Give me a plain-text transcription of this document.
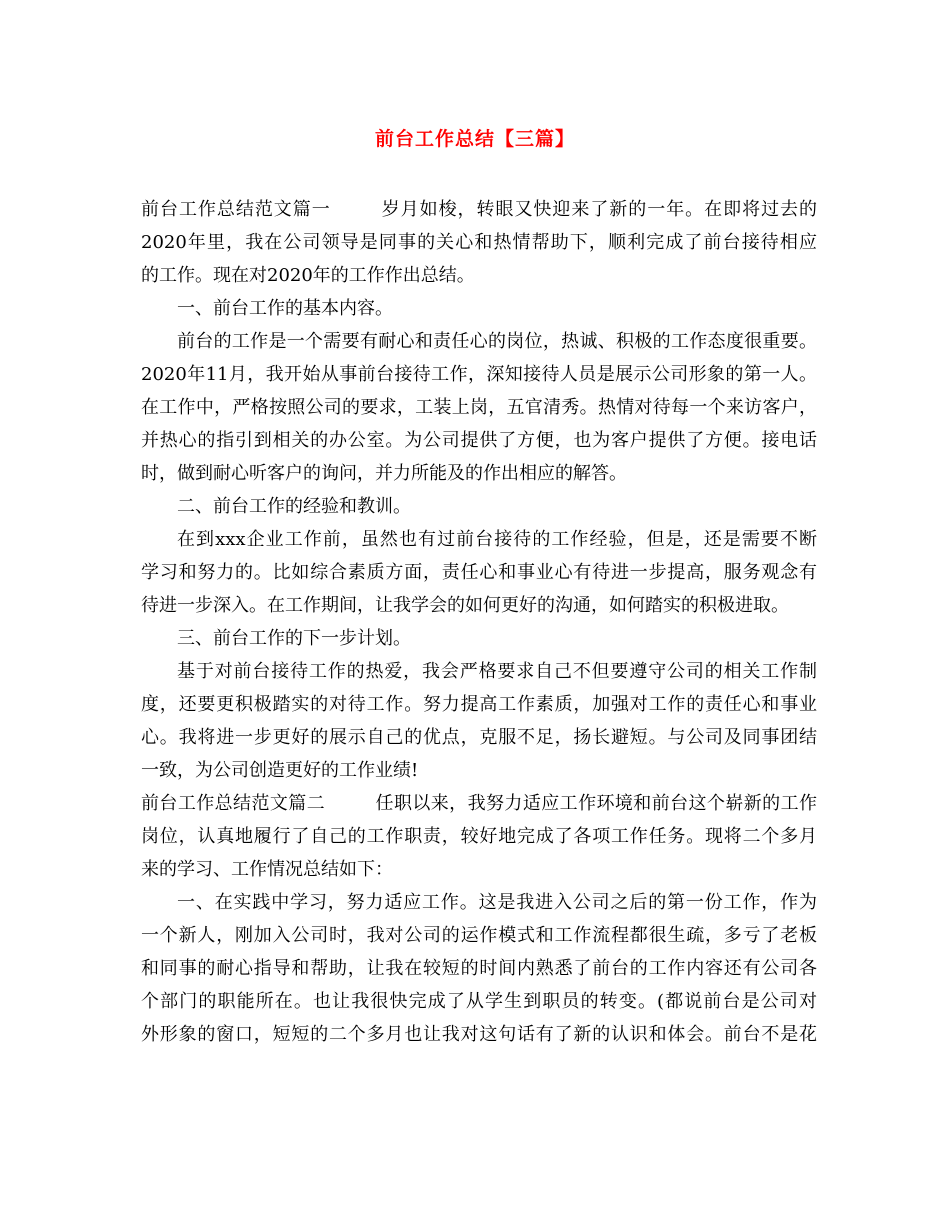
前台工作总结【三篇】
前台工作总结范文篇一	岁月如梭，转眼又快迎来了新的一年。在即将过去的
2020年里，我在公司领导是同事的关心和热情帮助下，顺利完成了前台接待相应
的工作。现在对2020年的工作作出总结。
一、前台工作的基本内容。
前台的工作是一个需要有耐心和责任心的岗位，热诚、积极的工作态度很重要。
2020年11月，我开始从事前台接待工作，深知接待人员是展示公司形象的第一人。
在工作中，严格按照公司的要求，工装上岗，五官清秀。热情对待每一个来访客户，
并热心的指引到相关的办公室。为公司提供了方便，也为客户提供了方便。接电话
时，做到耐心听客户的询问，并力所能及的作出相应的解答。
二、前台工作的经验和教训。
在到xxx企业工作前，虽然也有过前台接待的工作经验，但是，还是需要不断
学习和努力的。比如综合素质方面，责任心和事业心有待进一步提高，服务观念有
待进一步深入。在工作期间，让我学会的如何更好的沟通，如何踏实的积极进取。
三、前台工作的下一步计划。
基于对前台接待工作的热爱，我会严格要求自己不但要遵守公司的相关工作制
度，还要更积极踏实的对待工作。努力提高工作素质，加强对工作的责任心和事业
心。我将进一步更好的展示自己的优点，克服不足，扬长避短。与公司及同事团结
一致，为公司创造更好的工作业绩!
前台工作总结范文篇二	任职以来，我努力适应工作环境和前台这个崭新的工作
岗位，认真地履行了自己的工作职责，较好地完成了各项工作任务。现将二个多月
来的学习、工作情况总结如下：
一、在实践中学习，努力适应工作。这是我进入公司之后的第一份工作，作为
一个新人，刚加入公司时，我对公司的运作模式和工作流程都很生疏，多亏了老板
和同事的耐心指导和帮助，让我在较短的时间内熟悉了前台的工作内容还有公司各
个部门的职能所在。也让我很快完成了从学生到职员的转变。(都说前台是公司对
外形象的窗口，短短的二个多月也让我对这句话有了新的认识和体会。前台不是花
